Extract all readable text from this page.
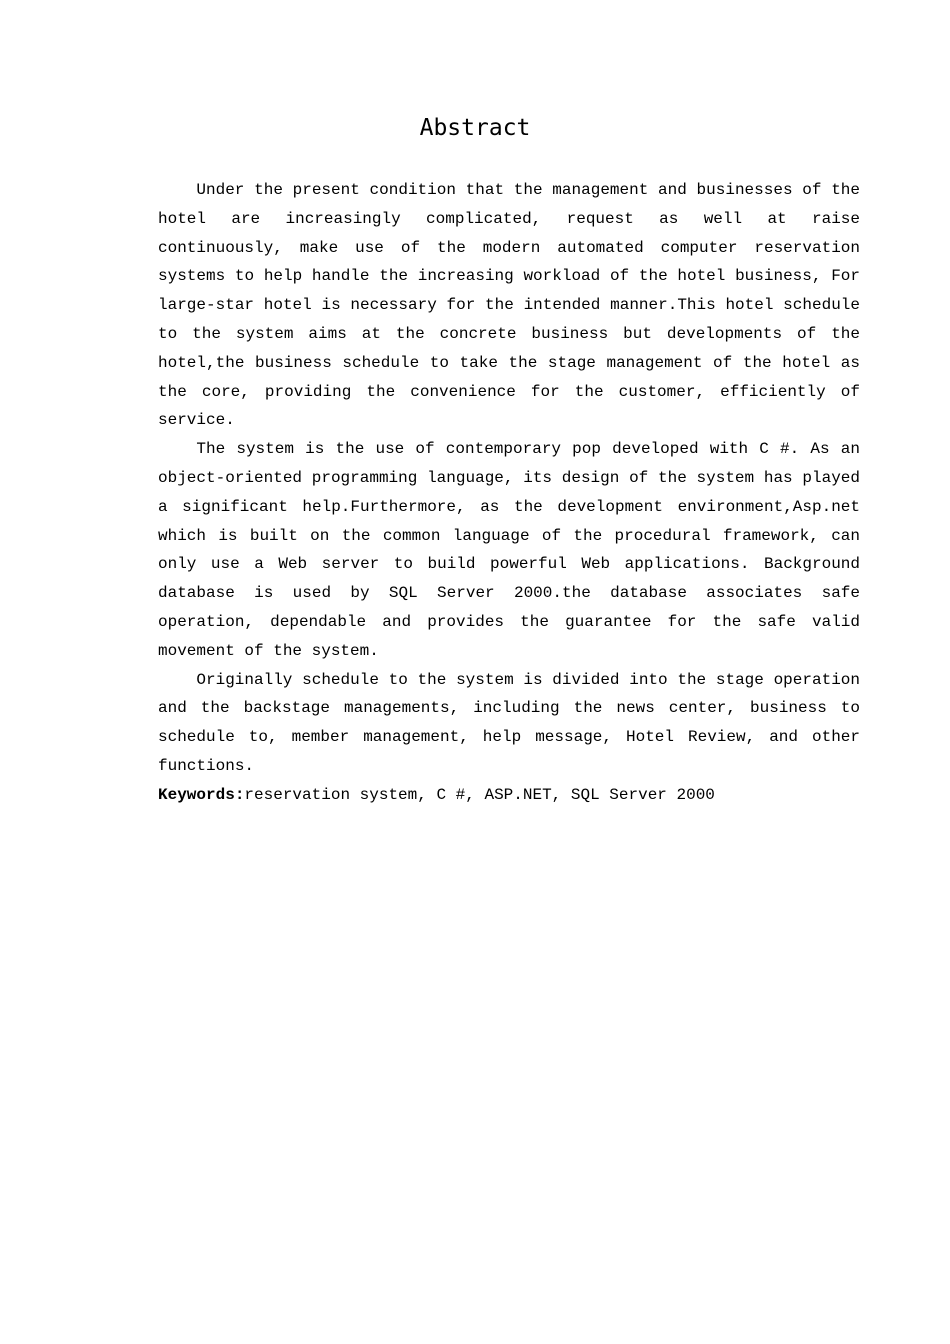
Abstract

Under the present condition that the management and businesses of the hotel are increasingly complicated, request as well at raise continuously, make use of the modern automated computer reservation systems to help handle the increasing workload of the hotel business, For large-star hotel is necessary for the intended manner.This hotel schedule to the system aims at the concrete business but developments of the hotel,the business schedule to take the stage management of the hotel as the core, providing the convenience for the customer, efficiently of service.

The system is the use of contemporary pop developed with C #. As an object-oriented programming language, its design of the system has played a significant help.Furthermore, as the development environment,Asp.net which is built on the common language of the procedural framework, can only use a Web server to build powerful Web applications. Background database is used by SQL Server 2000.the database associates safe operation, dependable and provides the guarantee for the safe valid movement of the system.

Originally schedule to the system is divided into the stage operation and the backstage managements, including the news center, business to schedule to, member management, help message, Hotel Review, and other functions.

Keywords:reservation system, C #, ASP.NET, SQL Server 2000
